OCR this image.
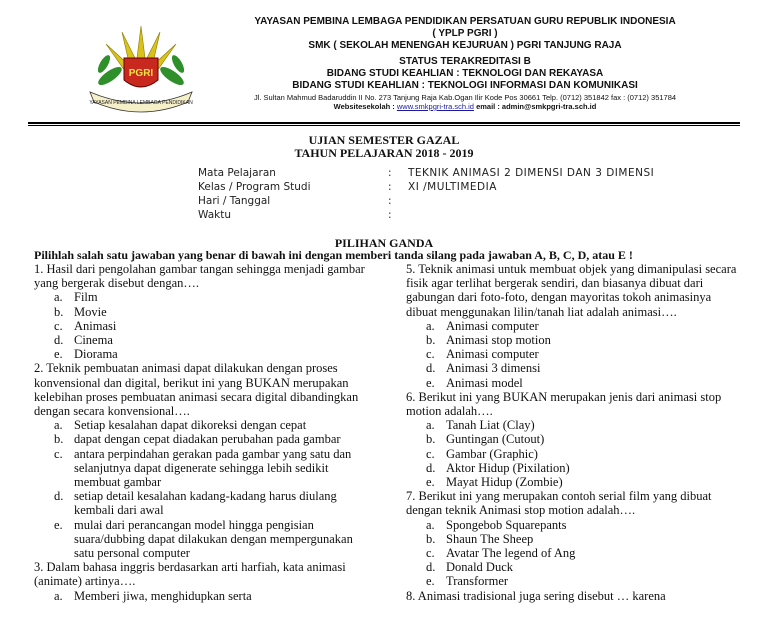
PGRI
YAYASAN PEMBINA LEMBAGA PENDIDIKAN
YAYASAN PEMBINA LEMBAGA PENDIDIKAN PERSATUAN GURU REPUBLIK INDONESIA
( YPLP PGRI )
SMK ( SEKOLAH MENENGAH KEJURUAN ) PGRI TANJUNG RAJA
STATUS TERAKREDITASI B
BIDANG STUDI KEAHLIAN : TEKNOLOGI DAN REKAYASA
BIDANG STUDI KEAHLIAN : TEKNOLOGI INFORMASI DAN KOMUNIKASI
Jl. Sultan Mahmud Badaruddin II No. 273 Tanjung Raja Kab.Ogan Ilir Kode Pos 30661 Telp. (0712) 351842 fax : (0712) 351784
Websitesekolah : www.smkpgri-tra.sch.id email : admin@smkpgri-tra.sch.id
UJIAN SEMESTER GAZAL
TAHUN PELAJARAN 2018 - 2019
Mata Pelajaran	: TEKNIK ANIMASI 2 DIMENSI DAN 3 DIMENSI
Kelas / Program Studi	: XI /MULTIMEDIA
Hari / Tanggal	:
Waktu	:
PILIHAN GANDA
Pilihlah salah satu jawaban yang benar di bawah ini dengan memberi tanda silang pada jawaban A, B, C, D, atau E !
1. Hasil dari pengolahan gambar tangan sehingga menjadi gambar yang bergerak disebut dengan….
a. Film
b. Movie
c. Animasi
d. Cinema
e. Diorama
2. Teknik pembuatan animasi dapat dilakukan dengan proses konvensional dan digital, berikut ini yang BUKAN merupakan kelebihan proses pembuatan animasi secara digital dibandingkan dengan secara konvensional….
a. Setiap kesalahan dapat dikoreksi dengan cepat
b. dapat dengan cepat diadakan perubahan pada gambar
c. antara perpindahan gerakan pada gambar yang satu dan selanjutnya dapat digenerate sehingga lebih sedikit membuat gambar
d. setiap detail kesalahan kadang-kadang harus diulang kembali dari awal
e. mulai dari perancangan model hingga pengisian suara/dubbing dapat dilakukan dengan mempergunakan satu personal computer
3. Dalam bahasa inggris berdasarkan arti harfiah, kata animasi (animate) artinya….
a. Memberi jiwa, menghidupkan serta
5. Teknik animasi untuk membuat objek yang dimanipulasi secara fisik agar terlihat bergerak sendiri, dan biasanya dibuat dari gabungan dari foto-foto, dengan mayoritas tokoh animasinya dibuat menggunakan lilin/tanah liat adalah animasi….
a. Animasi computer
b. Animasi stop motion
c. Animasi computer
d. Animasi 3 dimensi
e. Animasi model
6. Berikut ini yang BUKAN merupakan jenis dari animasi stop motion adalah….
a. Tanah Liat (Clay)
b. Guntingan (Cutout)
c. Gambar (Graphic)
d. Aktor Hidup (Pixilation)
e. Mayat Hidup (Zombie)
7. Berikut ini yang merupakan contoh serial film yang dibuat dengan teknik Animasi stop motion adalah….
a. Spongebob Squarepants
b. Shaun The Sheep
c. Avatar The legend of Ang
d. Donald Duck
e. Transformer
8. Animasi tradisional juga sering disebut … karena
